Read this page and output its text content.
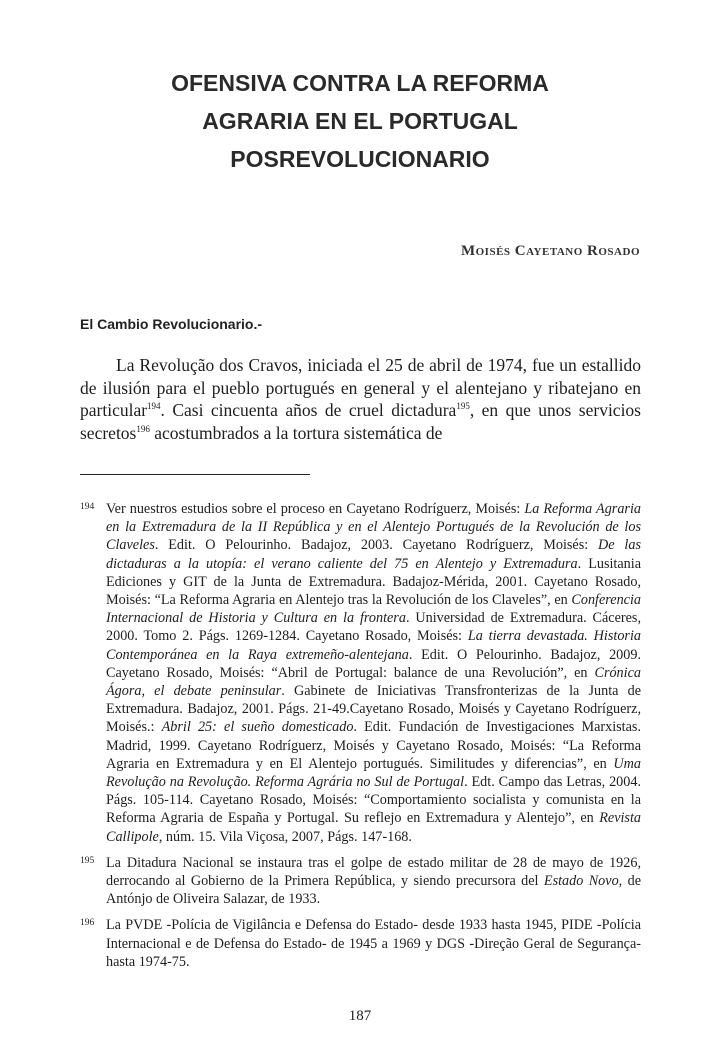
OFENSIVA CONTRA LA REFORMA
AGRARIA EN EL PORTUGAL
POSREVOLUCIONARIO
Moisés Cayetano Rosado
El Cambio Revolucionario.-

La Revolução dos Cravos, iniciada el 25 de abril de 1974, fue un estallido de ilusión para el pueblo portugués en general y el alentejano y ribatejano en particular$^{194}$. Casi cincuenta años de cruel dictadura$^{195}$, en que unos servicios secretos$^{196}$ acostumbrados a la tortura sistemática de

194 Ver nuestros estudios sobre el proceso en Cayetano Rodríguerz, Moisés: La Reforma Agraria en la Extremadura de la II República y en el Alentejo Portugués de la Revolución de los Claveles. Edit. O Pelourinho. Badajoz, 2003. Cayetano Rodríguerz, Moisés: De las dictaduras a la utopía: el verano caliente del 75 en Alentejo y Extremadura. Lusitania Ediciones y GIT de la Junta de Extremadura. Badajoz-Mérida, 2001. Cayetano Rosado, Moisés: “La Reforma Agraria en Alentejo tras la Revolución de los Claveles”, en Conferencia Internacional de Historia y Cultura en la frontera. Universidad de Extremadura. Cáceres, 2000. Tomo 2. Págs. 1269-1284. Cayetano Rosado, Moisés: La tierra devastada. Historia Contemporánea en la Raya extremeño-alentejana. Edit. O Pelourinho. Badajoz, 2009. Cayetano Rosado, Moisés: “Abril de Portugal: balance de una Revolución”, en Crónica Ágora, el debate peninsular. Gabinete de Iniciativas Transfronterizas de la Junta de Extremadura. Badajoz, 2001. Págs. 21-49.Cayetano Rosado, Moisés y Cayetano Rodríguerz, Moisés.: Abril 25: el sueño domesticado. Edit. Fundación de Investigaciones Marxistas. Madrid, 1999. Cayetano Rodríguerz, Moisés y Cayetano Rosado, Moisés: “La Reforma Agraria en Extremadura y en El Alentejo portugués. Similitudes y diferencias”, en Uma Revolução na Revolução. Reforma Agrária no Sul de Portugal. Edt. Campo das Letras, 2004. Págs. 105-114. Cayetano Rosado, Moisés: “Comportamiento socialista y comunista en la Reforma Agraria de España y Portugal. Su reflejo en Extremadura y Alentejo”, en Revista Callipole, núm. 15. Vila Viçosa, 2007, Págs. 147-168.
195 La Ditadura Nacional se instaura tras el golpe de estado militar de 28 de mayo de 1926, derrocando al Gobierno de la Primera República, y siendo precursora del Estado Novo, de Antónjo de Oliveira Salazar, de 1933.
196 La PVDE -Polícia de Vigilância e Defensa do Estado- desde 1933 hasta 1945, PIDE -Polícia Internacional e de Defensa do Estado- de 1945 a 1969 y DGS -Direção Geral de Segurança- hasta 1974-75.
187
